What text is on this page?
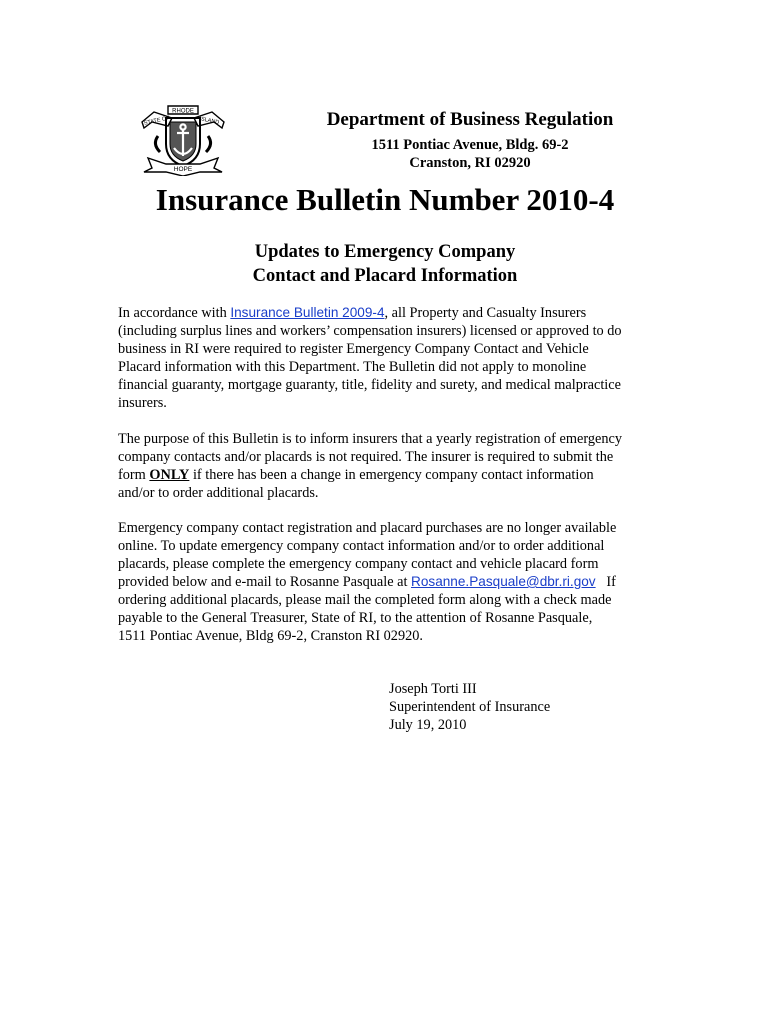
RHODE
STATE OF	ISLAND
HOPE
Department of Business Regulation
1511 Pontiac Avenue, Bldg. 69-2
Cranston, RI 02920
Insurance Bulletin Number 2010-4
Updates to Emergency Company
Contact and Placard Information
In accordance with Insurance Bulletin 2009-4, all Property and Casualty Insurers
(including surplus lines and workers’ compensation insurers) licensed or approved to do
business in RI were required to register Emergency Company Contact and Vehicle
Placard information with this Department. The Bulletin did not apply to monoline
financial guaranty, mortgage guaranty, title, fidelity and surety, and medical malpractice
insurers.
The purpose of this Bulletin is to inform insurers that a yearly registration of emergency
company contacts and/or placards is not required. The insurer is required to submit the
form ONLY if there has been a change in emergency company contact information
and/or to order additional placards.
Emergency company contact registration and placard purchases are no longer available
online. To update emergency company contact information and/or to order additional
placards, please complete the emergency company contact and vehicle placard form
provided below and e-mail to Rosanne Pasquale at Rosanne.Pasquale@dbr.ri.gov   If
ordering additional placards, please mail the completed form along with a check made
payable to the General Treasurer, State of RI, to the attention of Rosanne Pasquale,
1511 Pontiac Avenue, Bldg 69-2, Cranston RI 02920.
Joseph Torti III
Superintendent of Insurance
July 19, 2010
